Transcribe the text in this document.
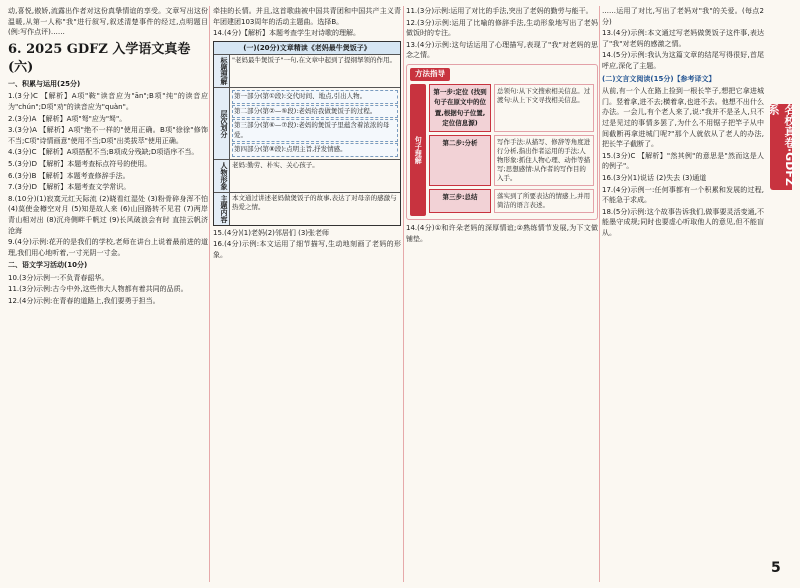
动,喜悦,傲娇,流露出作者对这份真挚情谊的享受。文章写出这份温暖,从第一人称"我"进行叙写,叙述清楚事件的经过,点明题目(例:写作点评)……
6. 2025 GDFZ 入学语文真卷(六)
一、积累与运用(25分)
1.(3分)C 【解析】A项"鞍"读音应为"ān";B项"纯"的读音应为"chún";D项"劝"的读音应为"quàn"。
2.(3分)A 【解析】A项"弩"应为"驽"。
3.(3分)A 【解析】A项"绝不一样的"使用正确。B项"徐徐"修饰不当;C项"诗情画意"使用不当;D项"出类拔萃"使用正确。
4.(3分)C 【解析】A项搭配不当;B项成分残缺;D项语序不当。
5.(3分)D 【解析】本题考查标点符号的使用。
6.(3分)B 【解析】本题考查修辞手法。
7.(3分)D 【解析】本题考查文学常识。
8.(10分)(1)寂寞元红天际流 (2)晓看红湿处 (3)粉骨碎身浑不怕 (4)莫使金樽空对月 (5)知是故人来 (6)山回路转不见君 (7)两岸青山相对出 (8)沉舟侧畔千帆过 (9)长风破浪会有时 直挂云帆济沧海
9.(4分)示例:花开的是我们的学校,老师在讲台上说着最前进的道理,我们用心地听着,一寸光阴一寸金。
二、语文学习活动(10分)
10.(3分)示例一:不负青春韶华。
11.(3分)示例:古今中外,这些伟大人物都有着共同的品质。
12.(4分)示例:在青春的道路上,我们要勇于担当。
牵挂的长情。并且,这首歌曲被中国共青团和中国共产主义青年团建团103周年的活动主题曲。选择B。
14.(4分)【解析】本题考查学生对诗歌的理解。
(一)(20分)文章精读《老妈最牛煲饭子》
标题理解 "老妈最牛煲饭子"一句,在文章中起到了提纲挈领的作用。
层次划分
第一部分(第①段):交代时间、地点,引出人物。
第二部分(第②—⑤段):老妈给我做煲饭子的过程。
第三部分(第⑥—⑦段):老妈的煲饭子里蕴含着浓浓的母爱。
第四部分(第⑧段):点明主旨,抒发情感。
人物形象 老妈:勤劳、朴实、关心孩子。
主题内容 本文通过讲述老妈做煲饭子的故事,表达了对母亲的感激与热爱之情。
15.(4分)(1)老妈(2)邻居们 (3)张老师
16.(4分)示例:本文运用了细节描写,生动地刻画了老妈的形象。
11.(3分)示例:运用了对比的手法,突出了老妈的勤劳与能干。
12.(3分)示例:运用了比喻的修辞手法,生动形象地写出了老妈做饭时的专注。
13.(4分)示例:这句话运用了心理描写,表现了"我"对老妈的思念之情。
方法指导
句子理解
第一步:定位 (找到句子在原文中的位置,根据句子位置,定位信息源)
总领句:从下文搜索相关信息。过渡句:从上下文寻找相关信息。
第二步:分析	写作手法:从描写、修辞等角度进行分析,指出作者运用的手法;人物形象:抓住人物心理、动作等描写;思想感情:从作者的写作目的入手。
第三步:总结	落实到了所要表达的情感上,并用简洁的语言表述。
14.(4分)①和许朵老妈的深厚情谊;②熟练情节发展,为下文做铺垫。
……运用了对比,写出了老妈对"我"的关爱。(每点2分)
13.(4分)示例:本文通过写老妈做煲饭子这件事,表达了"我"对老妈的感激之情。
14.(5分)示例:我认为这篇文章的结尾写得很好,首尾呼应,深化了主题。
(二)文言文阅读(15分)【参考译文】
从前,有一个人在路上捡到一根长竿子,想把它拿进城门。竖着拿,进不去;横着拿,也进不去。他想不出什么办法。一会儿,有个老人来了,说:"我并不是圣人,只不过是见过的事情多罢了,为什么不用锯子把竿子从中间截断再拿进城门呢?"那个人就依从了老人的办法,把长竿子截断了。
15.(3分)C 【解析】"然其例"的意思是"然而这是人的例子"。
16.(3分)(1)说话 (2)失去 (3)通道
17.(4分)示例一:任何事都有一个积累和发展的过程,不能急于求成。
18.(5分)示例:这个故事告诉我们,做事要灵活变通,不能墨守成规;同时也要虚心听取他人的意见,但不能盲从。
名校真卷·GDFZ系
5
